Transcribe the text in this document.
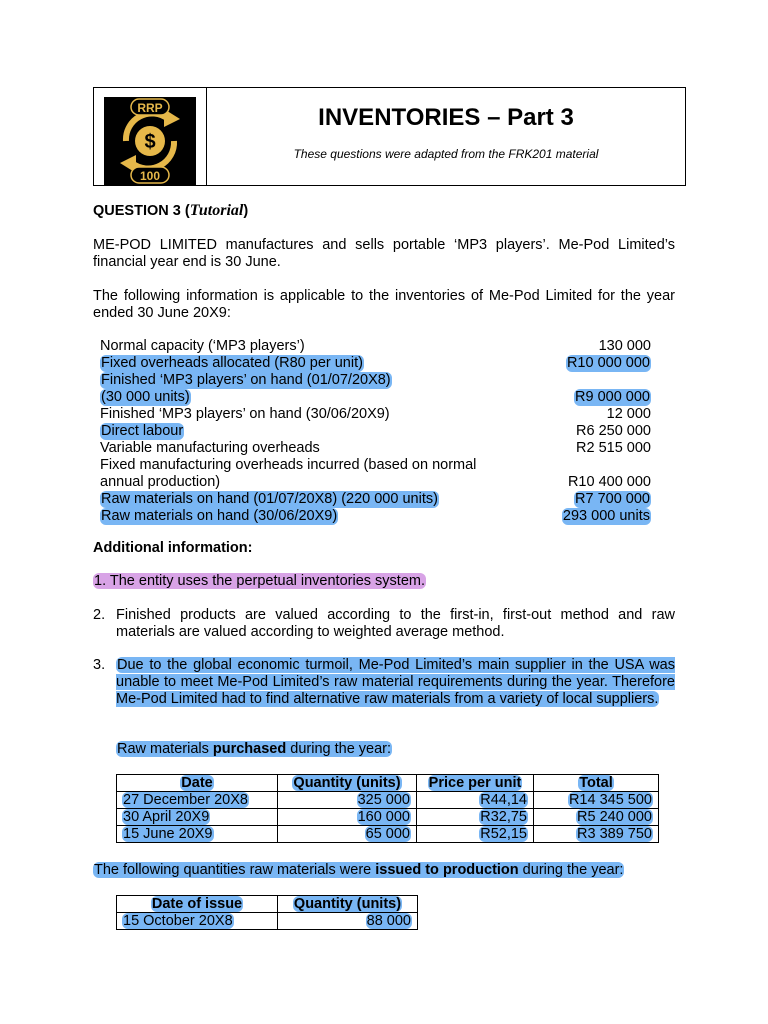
$
RRP
100
INVENTORIES – Part 3
These questions were adapted from the FRK201 material
QUESTION 3 (Tutorial)
ME-POD LIMITED manufactures and sells portable ‘MP3 players’. Me-Pod Limited’s financial year end is 30 June.
The following information is applicable to the inventories of Me-Pod Limited for the year ended 30 June 20X9:
Normal capacity (‘MP3 players’)	130 000
Fixed overheads allocated (R80 per unit)	R10 000 000
Finished ‘MP3 players’ on hand (01/07/20X8)
(30 000 units)	R9 000 000
Finished ‘MP3 players’ on hand (30/06/20X9)	12 000
Direct labour	R6 250 000
Variable manufacturing overheads	R2 515 000
Fixed manufacturing overheads incurred (based on normal
annual production)	R10 400 000
Raw materials on hand (01/07/20X8) (220 000 units)	R7 700 000
Raw materials on hand (30/06/20X9)	293 000 units
Additional information:
1. The entity uses the perpetual inventories system.
2. Finished products are valued according to the first-in, first-out method and raw materials are valued according to weighted average method.
3. Due to the global economic turmoil, Me-Pod Limited’s main supplier in the USA was unable to meet Me-Pod Limited’s raw material requirements during the year. Therefore Me-Pod Limited had to find alternative raw materials from a variety of local suppliers.
Raw materials purchased during the year:
Date	Quantity (units)	Price per unit	Total
27 December 20X8	325 000	R44,14	R14 345 500
30 April 20X9	160 000	R32,75	R5 240 000
15 June 20X9	65 000	R52,15	R3 389 750
The following quantities raw materials were issued to production during the year:
Date of issue	Quantity (units)
15 October 20X8	88 000
